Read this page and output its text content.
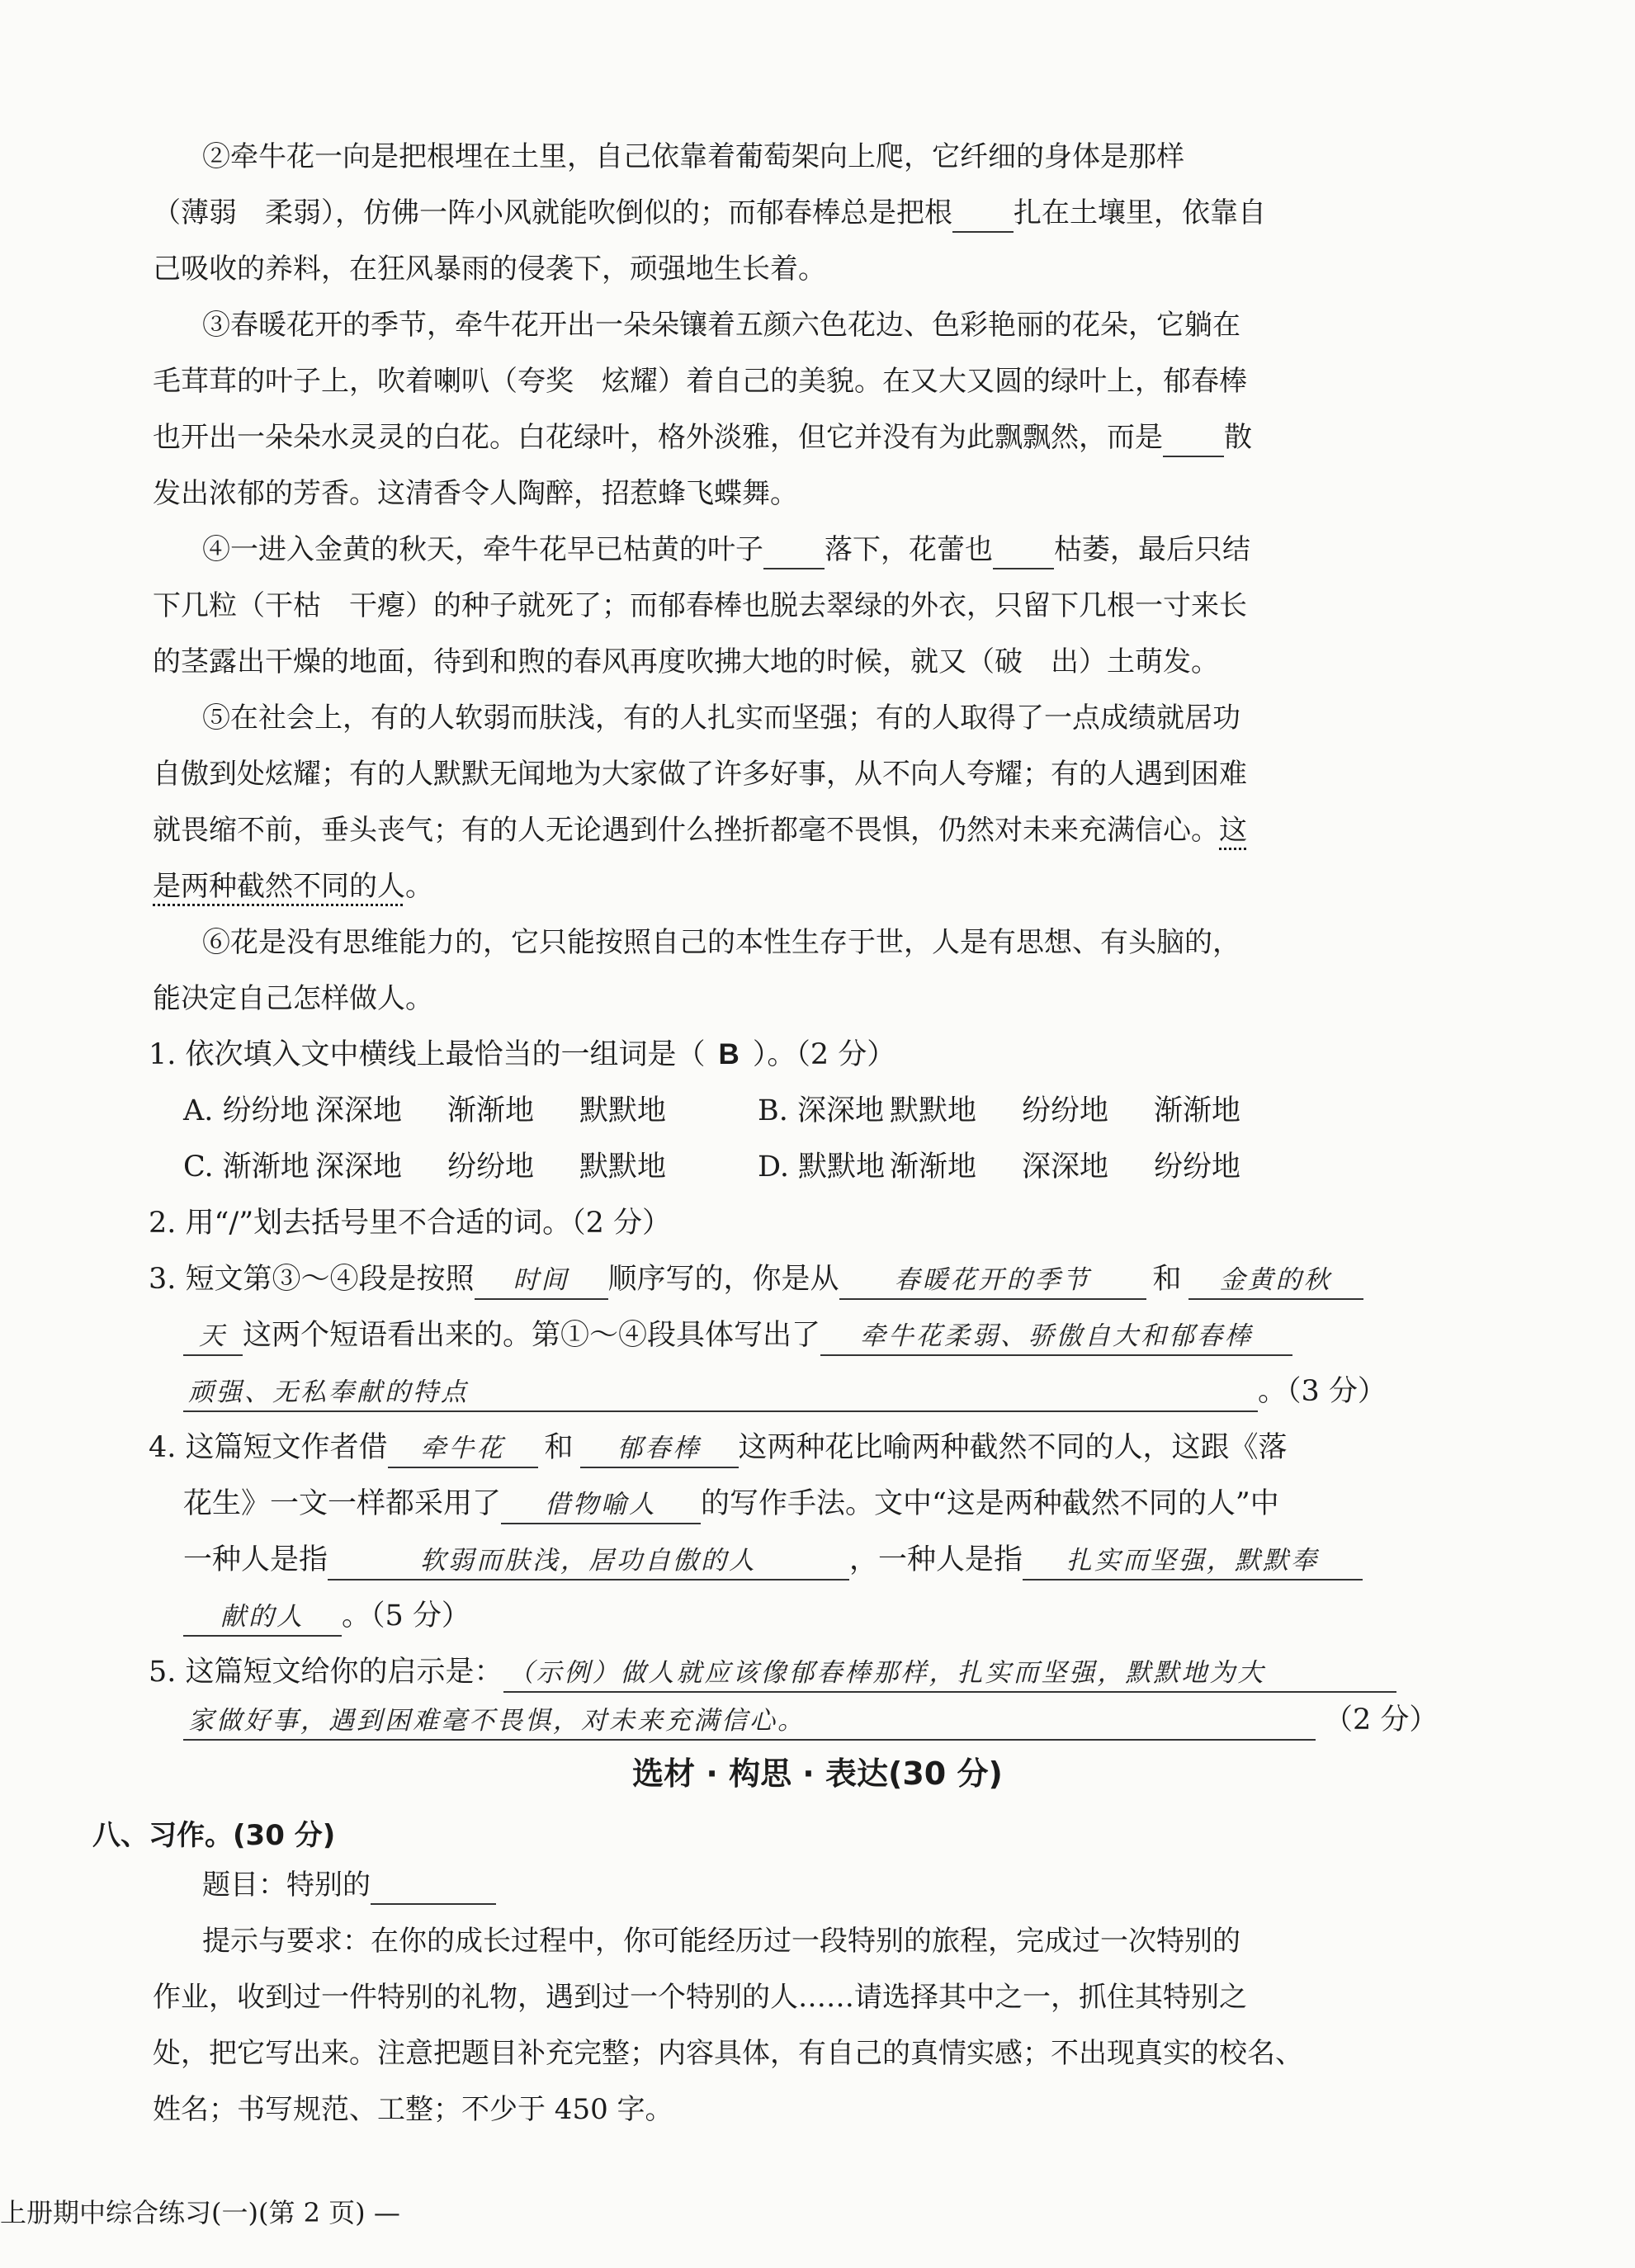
②牵牛花一向是把根埋在土里，自己依靠着葡萄架向上爬，它纤细的身体是那样
（薄弱　柔弱），仿佛一阵小风就能吹倒似的；而郁春棒总是把根 扎在土壤里，依靠自
己吸收的养料，在狂风暴雨的侵袭下，顽强地生长着。
③春暖花开的季节，牵牛花开出一朵朵镶着五颜六色花边、色彩艳丽的花朵，它躺在
毛茸茸的叶子上，吹着喇叭（夸奖　炫耀）着自己的美貌。在又大又圆的绿叶上，郁春棒
也开出一朵朵水灵灵的白花。白花绿叶，格外淡雅，但它并没有为此飘飘然，而是 散
发出浓郁的芳香。这清香令人陶醉，招惹蜂飞蝶舞。
④一进入金黄的秋天，牵牛花早已枯黄的叶子 落下，花蕾也 枯萎，最后只结
下几粒（干枯　干瘪）的种子就死了；而郁春棒也脱去翠绿的外衣，只留下几根一寸来长
的茎露出干燥的地面，待到和煦的春风再度吹拂大地的时候，就又（破　出）土萌发。
⑤在社会上，有的人软弱而肤浅，有的人扎实而坚强；有的人取得了一点成绩就居功
自傲到处炫耀；有的人默默无闻地为大家做了许多好事，从不向人夸耀；有的人遇到困难
就畏缩不前，垂头丧气；有的人无论遇到什么挫折都毫不畏惧，仍然对未来充满信心。这
是两种截然不同的人。
⑥花是没有思维能力的，它只能按照自己的本性生存于世，人是有思想、有头脑的，
能决定自己怎样做人。
1. 依次填入文中横线上最恰当的一组词是（ B ）。（2 分）
A. 纷纷地 深深地 渐渐地 默默地	B. 深深地 默默地 纷纷地 渐渐地
C. 渐渐地 深深地 纷纷地 默默地	D. 默默地 渐渐地 深深地 纷纷地
2. 用“/”划去括号里不合适的词。（2 分）
3. 短文第③～④段是按照 时间 顺序写的，你是从 春暖花开的季节 和 金黄的秋
天 这两个短语看出来的。第①～④段具体写出了 牵牛花柔弱、骄傲自大和郁春棒
顽强、无私奉献的特点	。（3 分）
4. 这篇短文作者借 牵牛花 和 郁春棒 这两种花比喻两种截然不同的人，这跟《落
花生》一文一样都采用了 借物喻人 的写作手法。文中“这是两种截然不同的人”中
一种人是指	软弱而肤浅，居功自傲的人	，一种人是指 扎实而坚强，默默奉
献的人 。（5 分）
5. 这篇短文给你的启示是： （示例）做人就应该像郁春棒那样，扎实而坚强，默默地为大
家做好事，遇到困难毫不畏惧，对未来充满信心。	（2 分）
选材 · 构思 · 表达(30 分)
八、习作。(30 分)
题目：特别的
提示与要求：在你的成长过程中，你可能经历过一段特别的旅程，完成过一次特别的
作业，收到过一件特别的礼物，遇到过一个特别的人……请选择其中之一，抓住其特别之
处，把它写出来。注意把题目补充完整；内容具体，有自己的真情实感；不出现真实的校名、
姓名；书写规范、工整；不少于 450 字。
上册期中综合练习(一)(第 2 页) —
